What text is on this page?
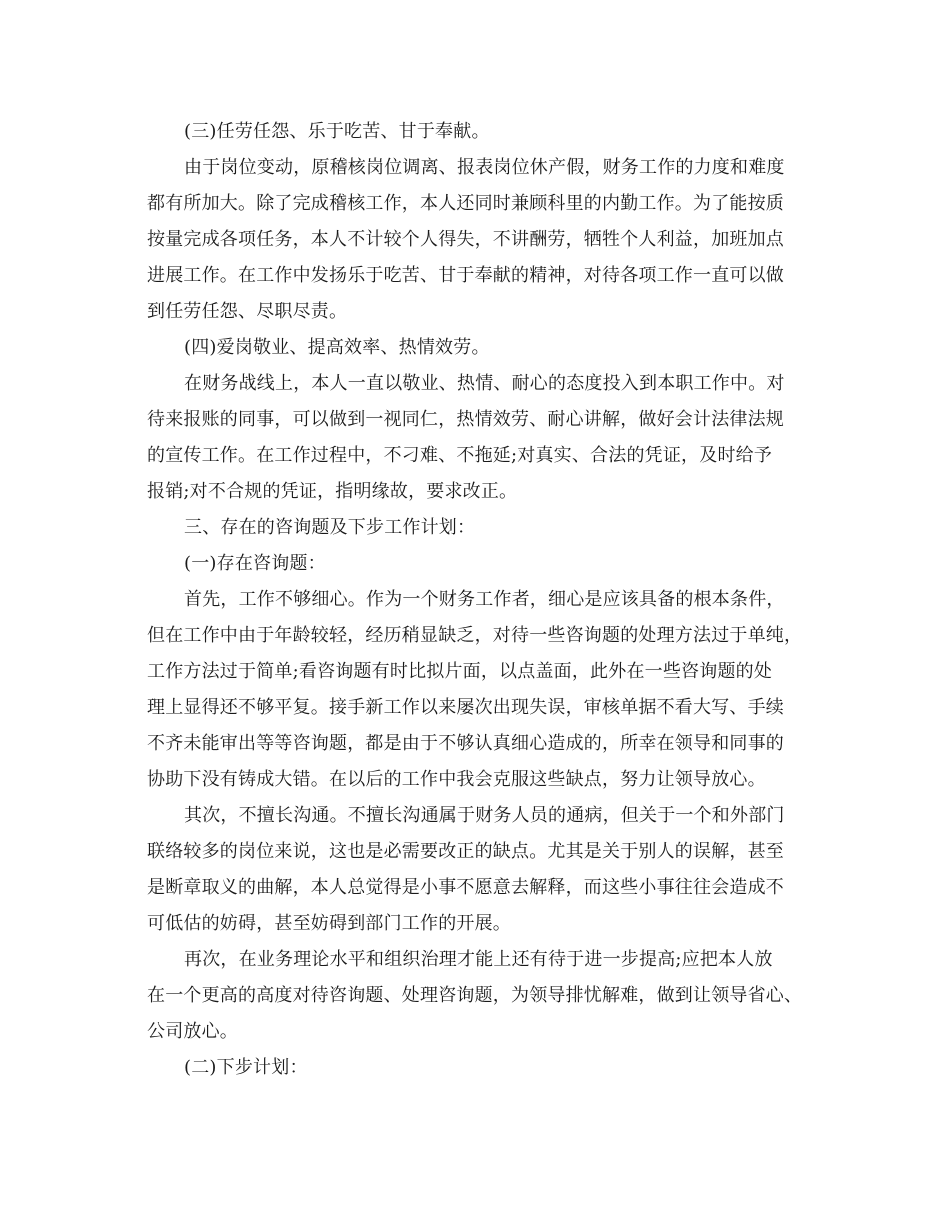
(三)任劳任怨、乐于吃苦、甘于奉献。
由于岗位变动，原稽核岗位调离、报表岗位休产假，财务工作的力度和难度
都有所加大。除了完成稽核工作，本人还同时兼顾科里的内勤工作。为了能按质
按量完成各项任务，本人不计较个人得失，不讲酬劳，牺牲个人利益，加班加点
进展工作。在工作中发扬乐于吃苦、甘于奉献的精神，对待各项工作一直可以做
到任劳任怨、尽职尽责。
(四)爱岗敬业、提高效率、热情效劳。
在财务战线上，本人一直以敬业、热情、耐心的态度投入到本职工作中。对
待来报账的同事，可以做到一视同仁，热情效劳、耐心讲解，做好会计法律法规
的宣传工作。在工作过程中，不刁难、不拖延;对真实、合法的凭证，及时给予
报销;对不合规的凭证，指明缘故，要求改正。
三、存在的咨询题及下步工作计划：
(一)存在咨询题：
首先，工作不够细心。作为一个财务工作者，细心是应该具备的根本条件，
但在工作中由于年龄较轻，经历稍显缺乏，对待一些咨询题的处理方法过于单纯，
工作方法过于简单;看咨询题有时比拟片面，以点盖面，此外在一些咨询题的处
理上显得还不够平复。接手新工作以来屡次出现失误，审核单据不看大写、手续
不齐未能审出等等咨询题，都是由于不够认真细心造成的，所幸在领导和同事的
协助下没有铸成大错。在以后的工作中我会克服这些缺点，努力让领导放心。
其次，不擅长沟通。不擅长沟通属于财务人员的通病，但关于一个和外部门
联络较多的岗位来说，这也是必需要改正的缺点。尤其是关于别人的误解，甚至
是断章取义的曲解，本人总觉得是小事不愿意去解释，而这些小事往往会造成不
可低估的妨碍，甚至妨碍到部门工作的开展。
再次，在业务理论水平和组织治理才能上还有待于进一步提高;应把本人放
在一个更高的高度对待咨询题、处理咨询题，为领导排忧解难，做到让领导省心、
公司放心。
(二)下步计划：
